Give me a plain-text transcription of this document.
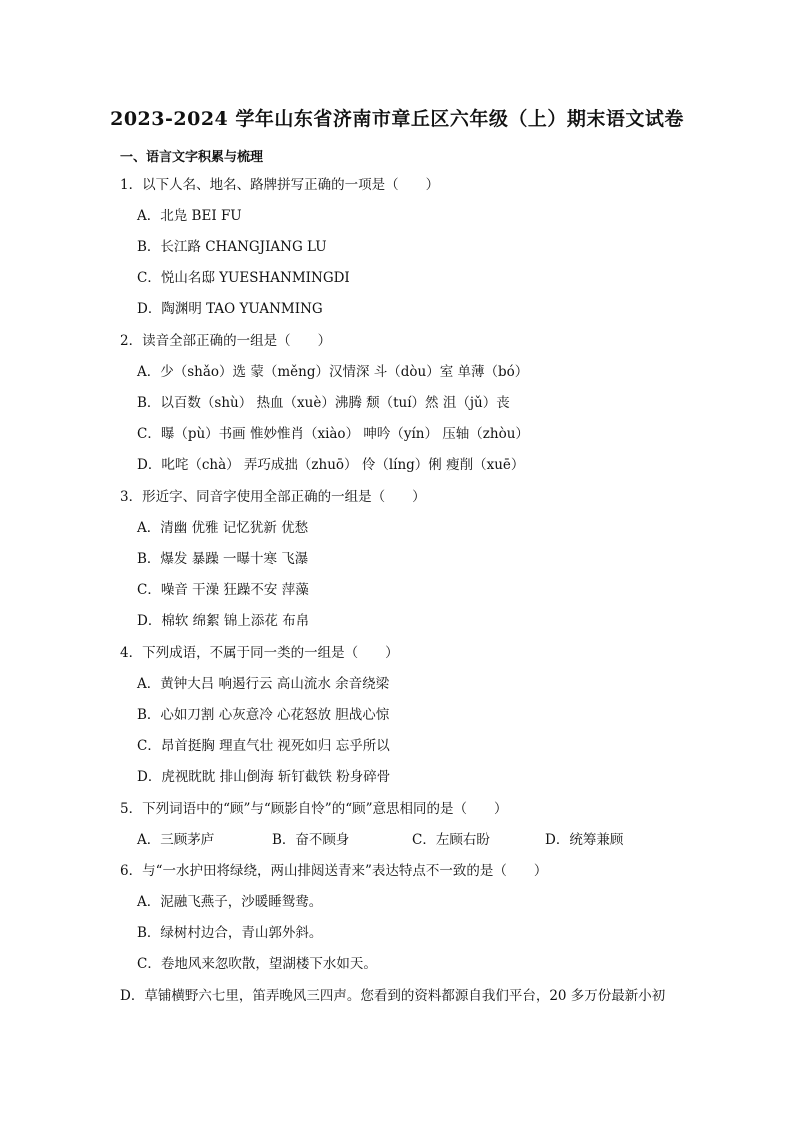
2023-2024 学年山东省济南市章丘区六年级（上）期末语文试卷
一、语言文字积累与梳理
1．以下人名、地名、路牌拼写正确的一项是（　　）
A．北凫 BEI FU
B．长江路 CHANGJIANG LU
C．悦山名邸 YUESHANMINGDI
D．陶渊明 TAO YUANMING
2．读音全部正确的一组是（　　）
A．少（shǎo）选 蒙（měng）汉情深 斗（dòu）室 单薄（bó）
B．以百数（shù） 热血（xuè）沸腾 颓（tuí）然 沮（jǔ）丧
C．曝（pù）书画 惟妙惟肖（xiào） 呻吟（yín） 压轴（zhòu）
D．叱咤（chà） 弄巧成拙（zhuō） 伶（líng）俐 瘦削（xuē）
3．形近字、同音字使用全部正确的一组是（　　）
A．清幽 优雅 记忆犹新 优愁
B．爆发 暴躁 一曝十寒 飞瀑
C．噪音 干澡 狂躁不安 萍藻
D．棉软 绵絮 锦上添花 布帛
4．下列成语，不属于同一类的一组是（　　）
A．黄钟大吕 响遏行云 高山流水 余音绕梁
B．心如刀割 心灰意冷 心花怒放 胆战心惊
C．昂首挺胸 理直气壮 视死如归 忘乎所以
D．虎视眈眈 排山倒海 斩钉截铁 粉身碎骨
5．下列词语中的“顾”与“顾影自怜”的“顾”意思相同的是（　　）
A．三顾茅庐	B．奋不顾身	C．左顾右盼	D．统筹兼顾
6．与“一水护田将绿绕，两山排闼送青来”表达特点不一致的是（　　）
A．泥融飞燕子，沙暖睡鸳鸯。
B．绿树村边合，青山郭外斜。
C．卷地风来忽吹散，望湖楼下水如天。
D．草铺横野六七里，笛弄晚风三四声。您看到的资料都源自我们平台，20 多万份最新小初
